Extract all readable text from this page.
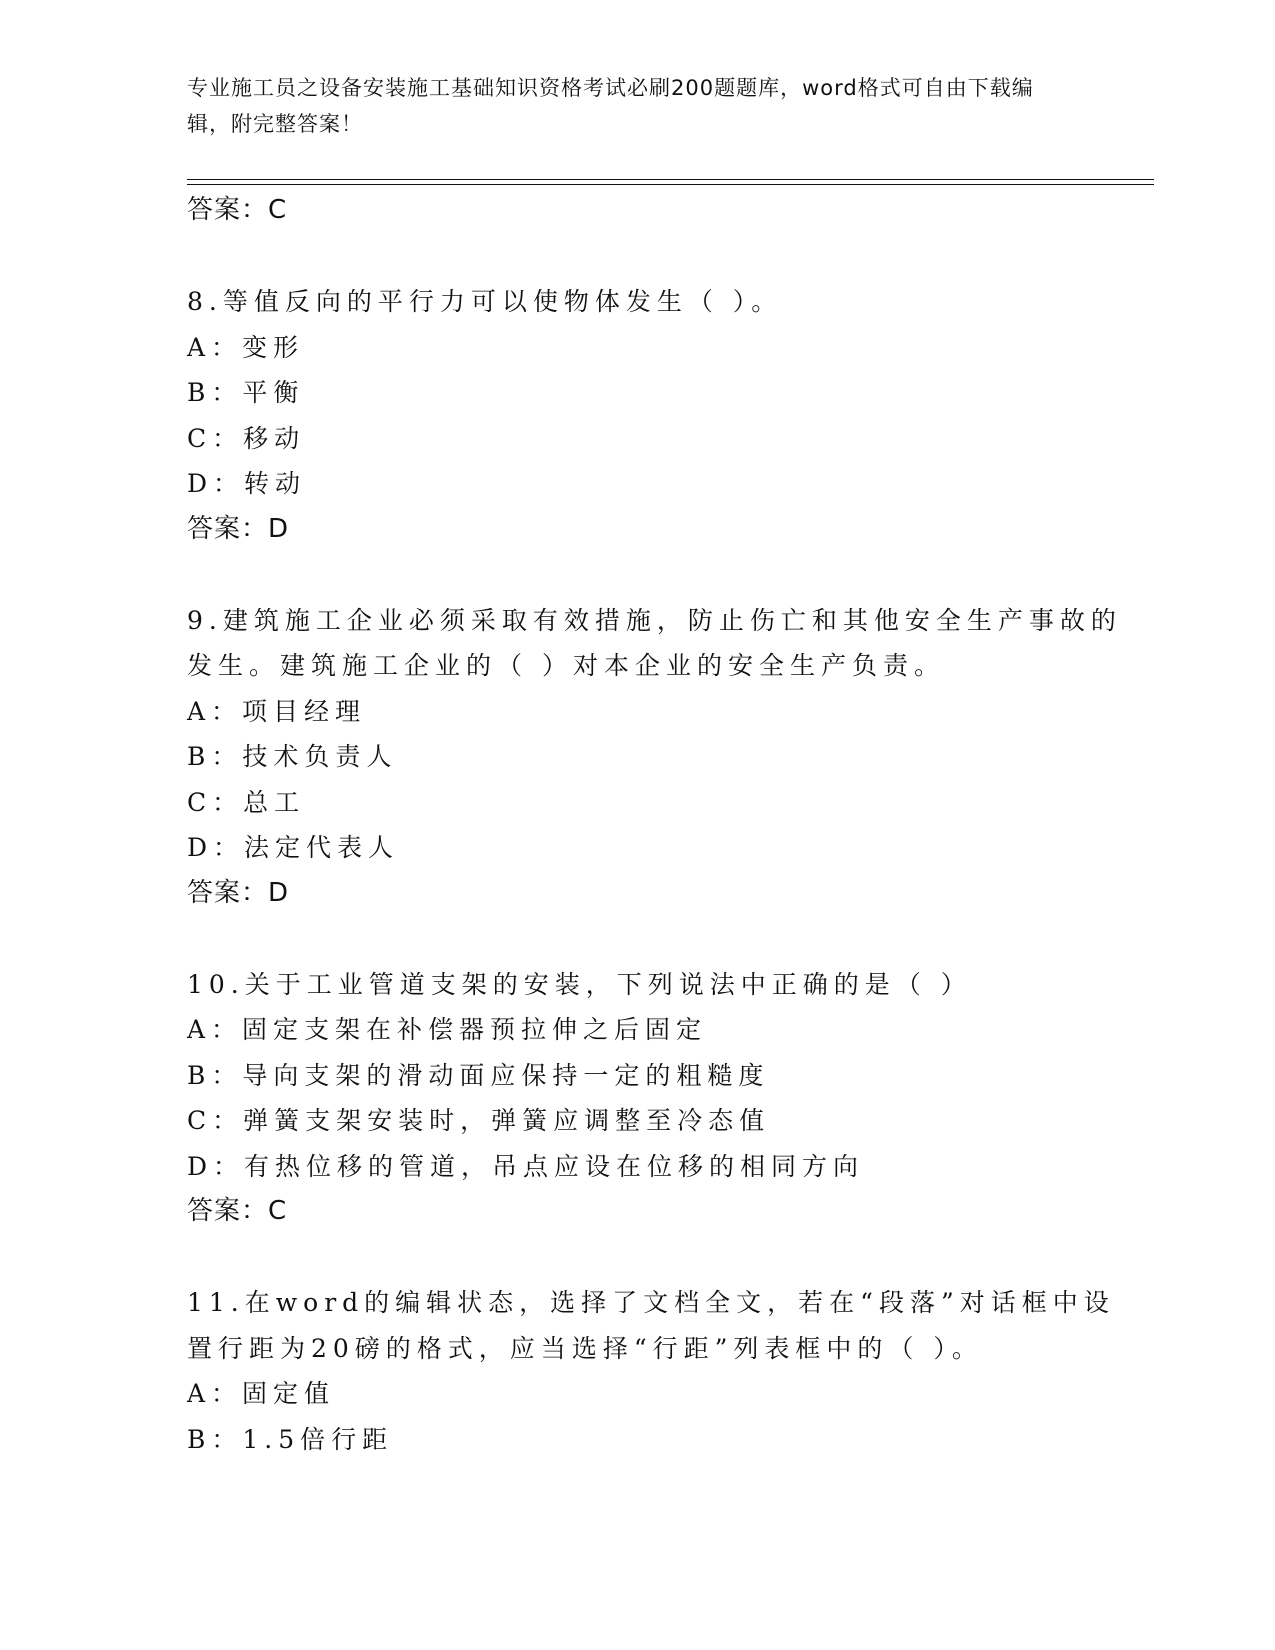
专业施工员之设备安装施工基础知识资格考试必刷200题题库，word格式可自由下载编辑，附完整答案！
答案：C
8.等值反向的平行力可以使物体发生（ ）。
A：变形
B：平衡
C：移动
D：转动
答案：D
9.建筑施工企业必须采取有效措施，防止伤亡和其他安全生产事故的
发生。建筑施工企业的（ ）对本企业的安全生产负责。
A：项目经理
B：技术负责人
C：总工
D：法定代表人
答案：D
10.关于工业管道支架的安装，下列说法中正确的是（ ）
A：固定支架在补偿器预拉伸之后固定
B：导向支架的滑动面应保持一定的粗糙度
C：弹簧支架安装时，弹簧应调整至冷态值
D：有热位移的管道，吊点应设在位移的相同方向
答案：C
11.在word的编辑状态，选择了文档全文，若在“段落”对话框中设
置行距为20磅的格式，应当选择“行距”列表框中的（ ）。
A：固定值
B：1.5倍行距
